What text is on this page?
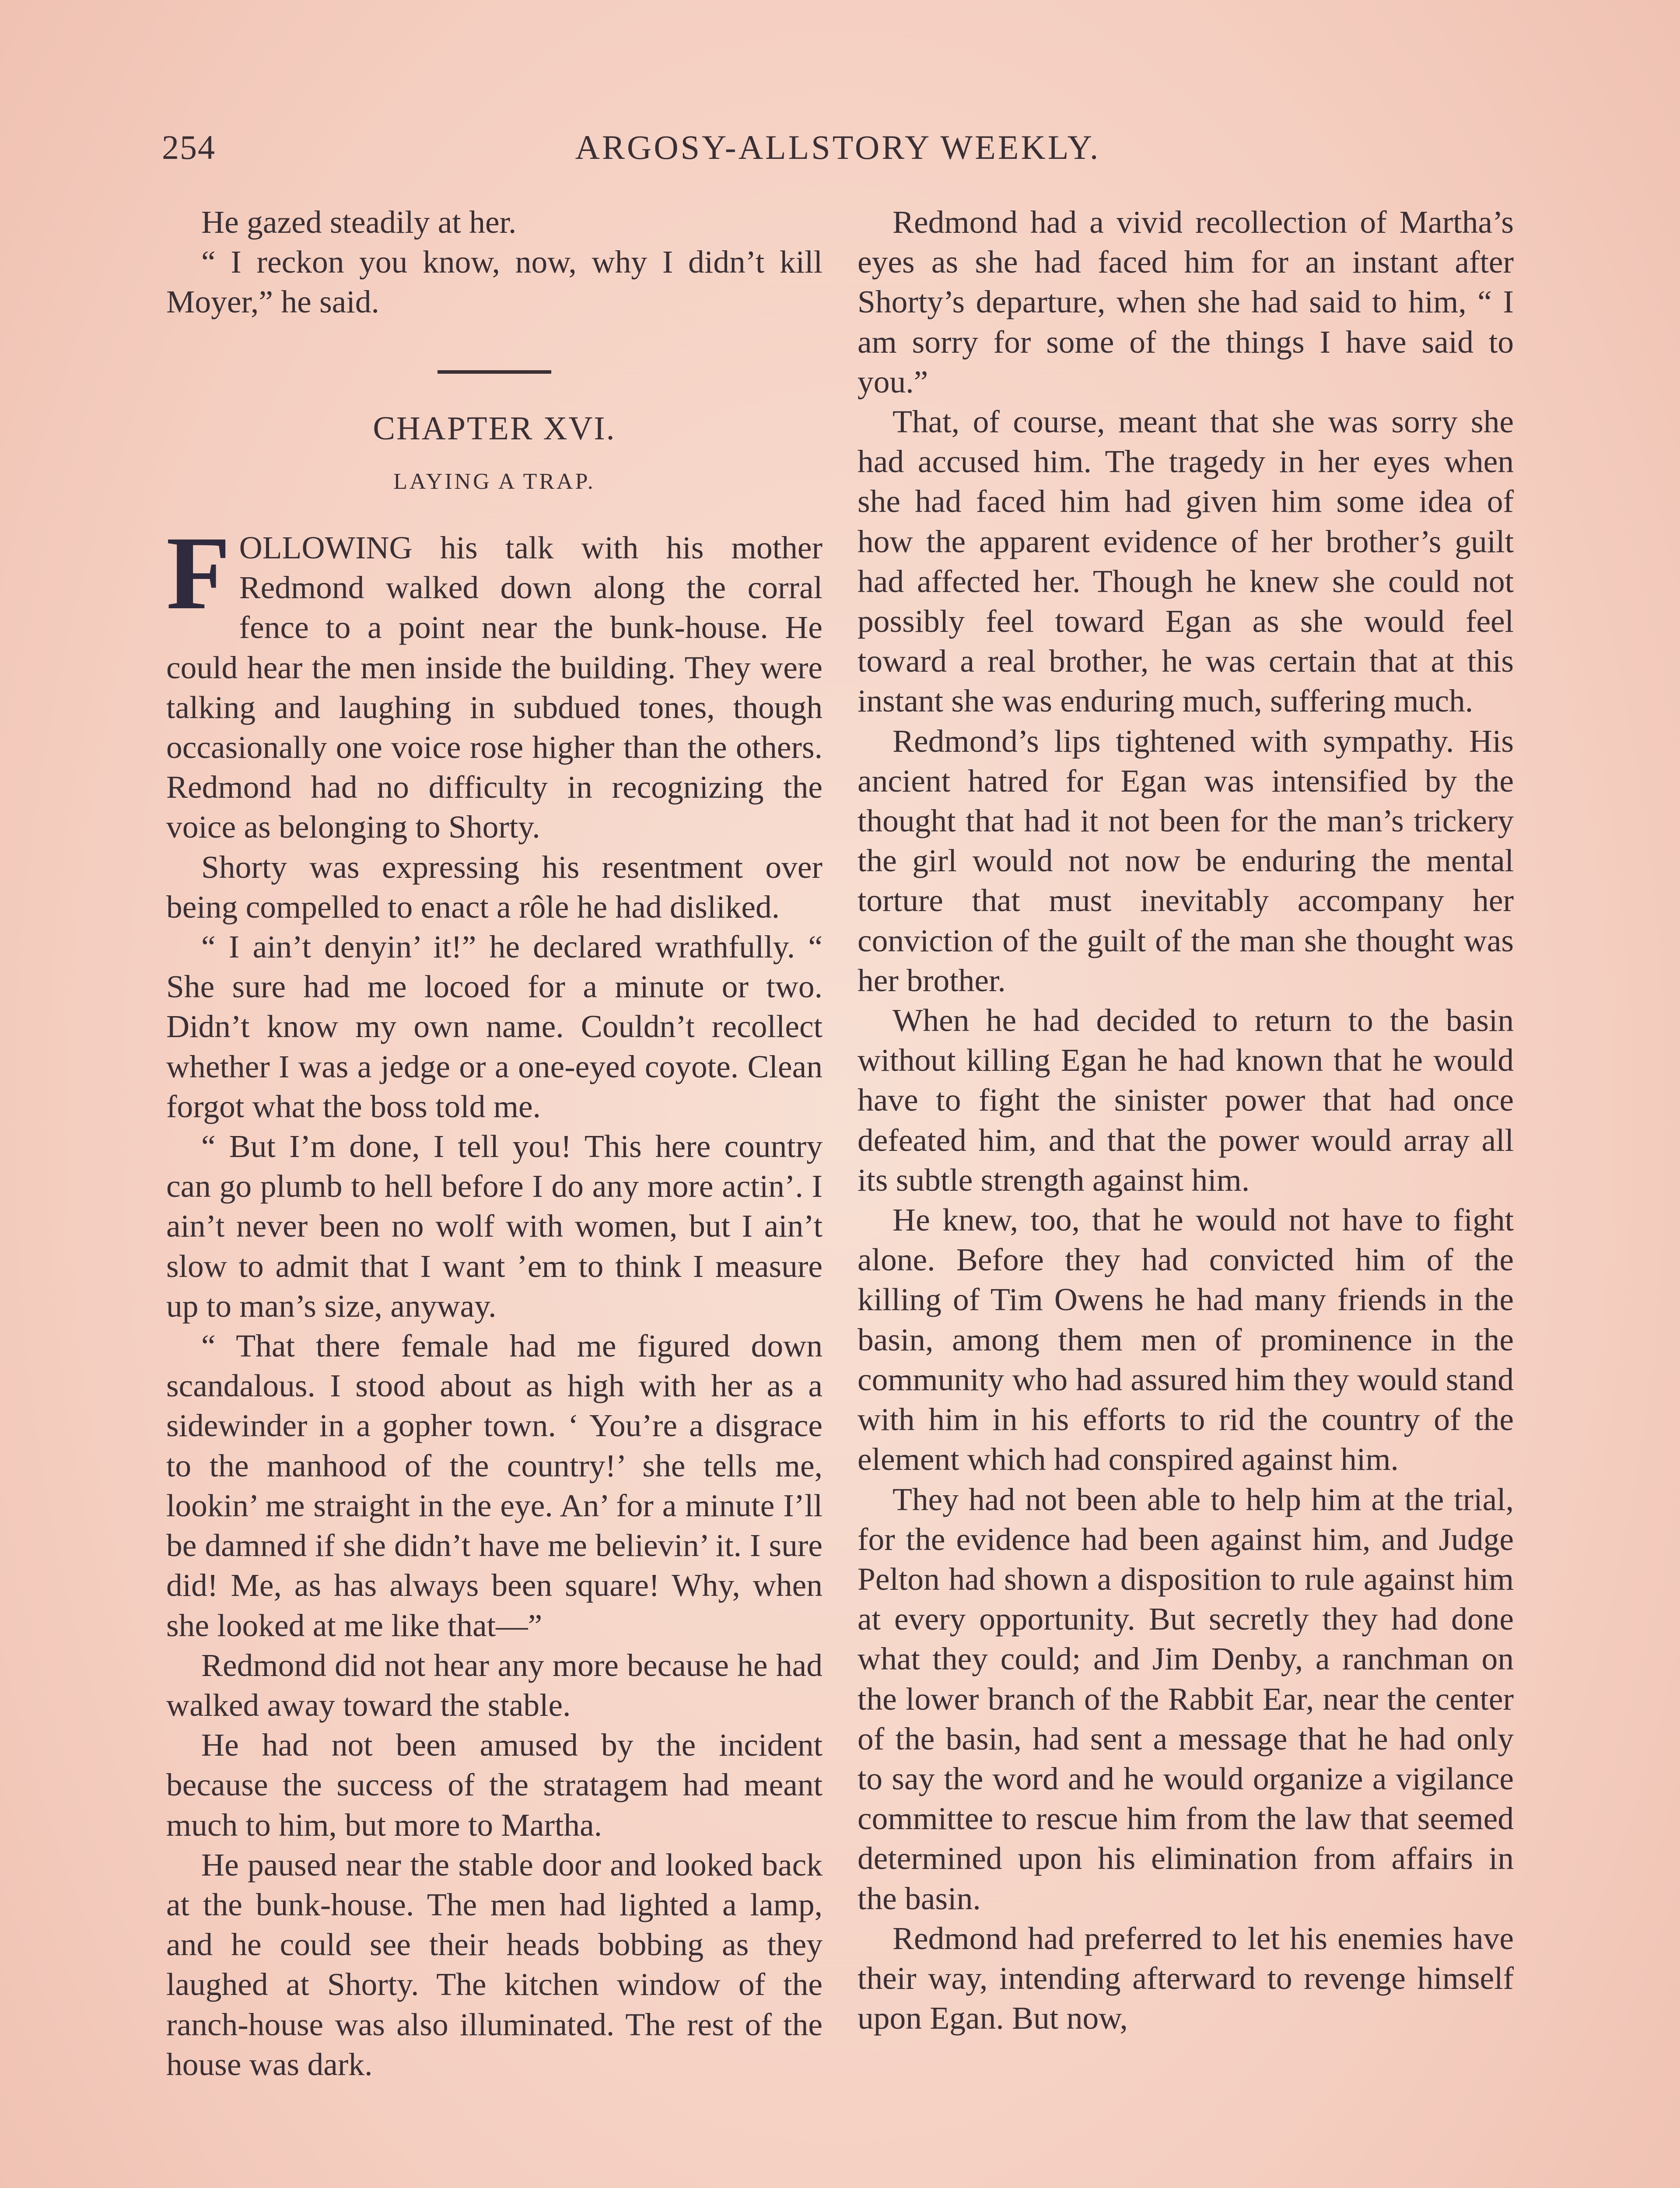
254	ARGOSY-ALLSTORY WEEKLY.

He gazed steadily at her.

“ I reckon you know, now, why I didn’t kill Moyer,” he said.

CHAPTER XVI.
LAYING A TRAP.

FOLLOWING his talk with his mother Redmond walked down along the corral fence to a point near the bunk-house. He could hear the men inside the building. They were talking and laughing in subdued tones, though occasionally one voice rose higher than the others. Redmond had no difficulty in recognizing the voice as belonging to Shorty.

Shorty was expressing his resentment over being compelled to enact a rôle he had disliked.

“ I ain’t denyin’ it!” he declared wrathfully. “ She sure had me locoed for a minute or two. Didn’t know my own name. Couldn’t recollect whether I was a jedge or a one-eyed coyote. Clean forgot what the boss told me.

“ But I’m done, I tell you! This here country can go plumb to hell before I do any more actin’. I ain’t never been no wolf with women, but I ain’t slow to admit that I want ’em to think I measure up to man’s size, anyway.

“ That there female had me figured down scandalous. I stood about as high with her as a sidewinder in a gopher town. ‘ You’re a disgrace to the manhood of the country!’ she tells me, lookin’ me straight in the eye. An’ for a minute I’ll be damned if she didn’t have me believin’ it. I sure did! Me, as has always been square! Why, when she looked at me like that—”

Redmond did not hear any more because he had walked away toward the stable.

He had not been amused by the incident because the success of the stratagem had meant much to him, but more to Martha.

He paused near the stable door and looked back at the bunk-house. The men had lighted a lamp, and he could see their heads bobbing as they laughed at Shorty. The kitchen window of the ranch-house was also illuminated. The rest of the house was dark.

Redmond had a vivid recollection of Martha’s eyes as she had faced him for an instant after Shorty’s departure, when she had said to him, “ I am sorry for some of the things I have said to you.”

That, of course, meant that she was sorry she had accused him. The tragedy in her eyes when she had faced him had given him some idea of how the apparent evidence of her brother’s guilt had affected her. Though he knew she could not possibly feel toward Egan as she would feel toward a real brother, he was certain that at this instant she was enduring much, suffering much.

Redmond’s lips tightened with sympathy. His ancient hatred for Egan was intensified by the thought that had it not been for the man’s trickery the girl would not now be enduring the mental torture that must inevitably accompany her conviction of the guilt of the man she thought was her brother.

When he had decided to return to the basin without killing Egan he had known that he would have to fight the sinister power that had once defeated him, and that the power would array all its subtle strength against him.

He knew, too, that he would not have to fight alone. Before they had convicted him of the killing of Tim Owens he had many friends in the basin, among them men of prominence in the community who had assured him they would stand with him in his efforts to rid the country of the element which had conspired against him.

They had not been able to help him at the trial, for the evidence had been against him, and Judge Pelton had shown a disposition to rule against him at every opportunity. But secretly they had done what they could; and Jim Denby, a ranchman on the lower branch of the Rabbit Ear, near the center of the basin, had sent a message that he had only to say the word and he would organize a vigilance committee to rescue him from the law that seemed determined upon his elimination from affairs in the basin.

Redmond had preferred to let his enemies have their way, intending afterward to revenge himself upon Egan. But now,
